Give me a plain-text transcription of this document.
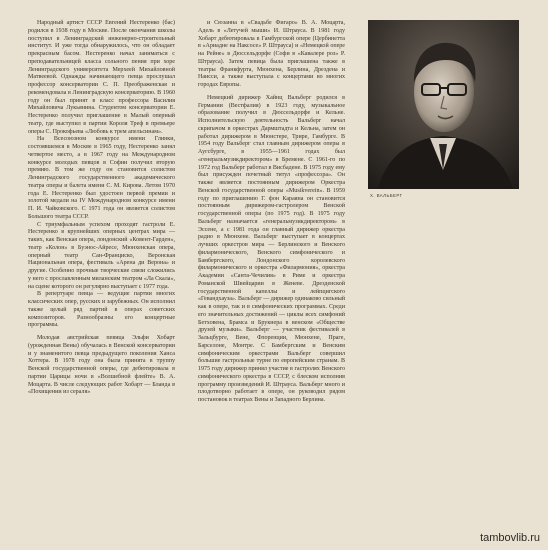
Народный артист СССР Евгений Нестеренко (бас) родился в 1938 году в Москве. После окончания школы поступил в Ленинградский инженерно-строительный институт. И уже тогда обнаружилось, что он обладает прекрасным басом. Нестеренко начал заниматься с преподавательницей класса сольного пения при хоре Ленинградского университета Мерхеей Михайловной Матвеевой. Однажды начинающего певца прослушал профессор консерватории С. П. Преображенская и рекомендовала в Ленинградскую консерваторию. В 1960 году он был принят в класс профессора Василия Михайловича Лукьянина. Студентом консерватории Е. Нестеренко получил приглашение в Малый оперный театр, где выступил в партии Короля Треф в премьере оперы С. Прокофьева «Любовь к трем апельсинам».

На Всесоюзном конкурсе имени Глинки, состоявшемся в Москве в 1965 году, Нестеренко занял четвертое место, а в 1967 году на Международном конкурсе молодых певцов в Софии получил вторую премию. В том же году он становится солистом Ленинградского государственного академического театра оперы и балета имени С. М. Кирова. Летом 1970 года Е. Нестеренко был удостоен первой премии и золотой медали на IV Международном конкурсе имени П. И. Чайковского. С 1971 года он является солистом Большого театра СССР.

С триумфальным успехом проходят гастроли Е. Нестеренко в крупнейших оперных центрах мира — таких, как Венская опера, лондонский «Ковент-Гарден», театр «Колон» в Буэнос-Айресе, Мюнхенская опера, оперный театр Сан-Франциско, Веронская Национальная опера, фестиваль «Арена ди Верона» и другие. Особенно прочные творческие связи сложились у него с прославленным миланским театром «Ла Скала», на сцене которого он регулярно выступает с 1977 года.

В репертуаре певца — ведущие партии многих классических опер, русских и зарубежных. Он исполнил также целый ряд партий в операх советских композиторов. Разнообразны его концертные программы.

Молодая австрийская певица Эльфи Хобарт (урожденная Вены) обучалась в Венской консерватории и у знаменитого певца предыдущего поколения Ханса Хоттера. В 1978 году она была принята в труппу Венской государственной оперы, где дебютировала в партии Царицы ночи в «Волшебной флейте» В. А. Моцарта. В числе следующих работ Хобарт — Бланда в «Похищении из сераля»

и Сюзанна в «Свадьбе Фигаро» В. А. Моцарта, Адель в «Летучей мыши» И. Штрауса. В 1981 году Хобарт дебютировала в Гамбургской опере (Цербинетта в «Ариадне на Наксосе» Р. Штрауса) и «Немецкой опере на Рейне» в Дюссельдорфе (Софи в «Кавалере роз» Р. Штрауса). Затем певица была приглашена также в театры Франкфурта, Мюнхена, Берлина, Дрездена и Наисси, а также выступала с концертами во многих городах Европы.

Немецкий дирижер Хайнц Вальберг родился в Германии (Вестфалия) в 1923 году, музыкальное образование получил в Дюссельдорфе и Кельне. Исполнительскую деятельность Вальберг начал скрипачом в оркестрах Дармштадта и Кельна, затем он работал дирижером в Мюнстере, Трире, Гамбурге. В 1954 году Вальберг стал главным дирижером оперы в Аугсбурге, в 1955—1961 годах был «генеральмузикдиректором» в Бремене. С 1961-го по 1972 год Вальберг работал в Висбадене. В 1975 году ему был присужден почетный титул «профессора». Он также является постоянным дирижером Оркестра Венской государственной оперы «Musikverein». В 1959 году по приглашению Г. фон Караяна он становится постоянным дирижером-гастролером Венской государственной оперы (по 1975 год). В 1975 году Вальберг назначается «генеральмузикдиректором» в Эссене, а с 1981 года он главный дирижер оркестра радио в Мюнхене. Вальберг выступает в концертах лучших оркестров мира — Берлинского и Венского филармонического, Венского симфонического и Бамбергского, Лондонского королевского филармонического и оркестра «Филармония», оркестра Академии «Санта-Чечилия» в Риме и оркестра Романской Швейцарии в Женеве. Дрезденской государственной капеллы и лейпцигского «Гевандхауза». Вальберг — дирижер одинаково сильный как в опере, так и в симфонических программах. Среди его значительных достижений — циклы всех симфоний Бетховена, Брамса и Брукнера в венском «Обществе друзей музыки». Вальберг — участник фестивалей в Зальцбурге, Вене, Флоренции, Мюнхене, Праге, Барселоне, Монтре. С Бамбергским и Венским симфоническим оркестрами Вальберг совершил большие гастрольные турне по европейским странам. В 1975 году дирижер принял участие в гастролях Венского симфонического оркестра в СССР, с блеском исполнив программу произведений И. Штрауса. Вальберг много и плодотворно работает в опере, он руководил рядом постановок в театрах Вены и Западного Берлина.

Х. ВАЛЬБЕРГ
tambovlib.ru
